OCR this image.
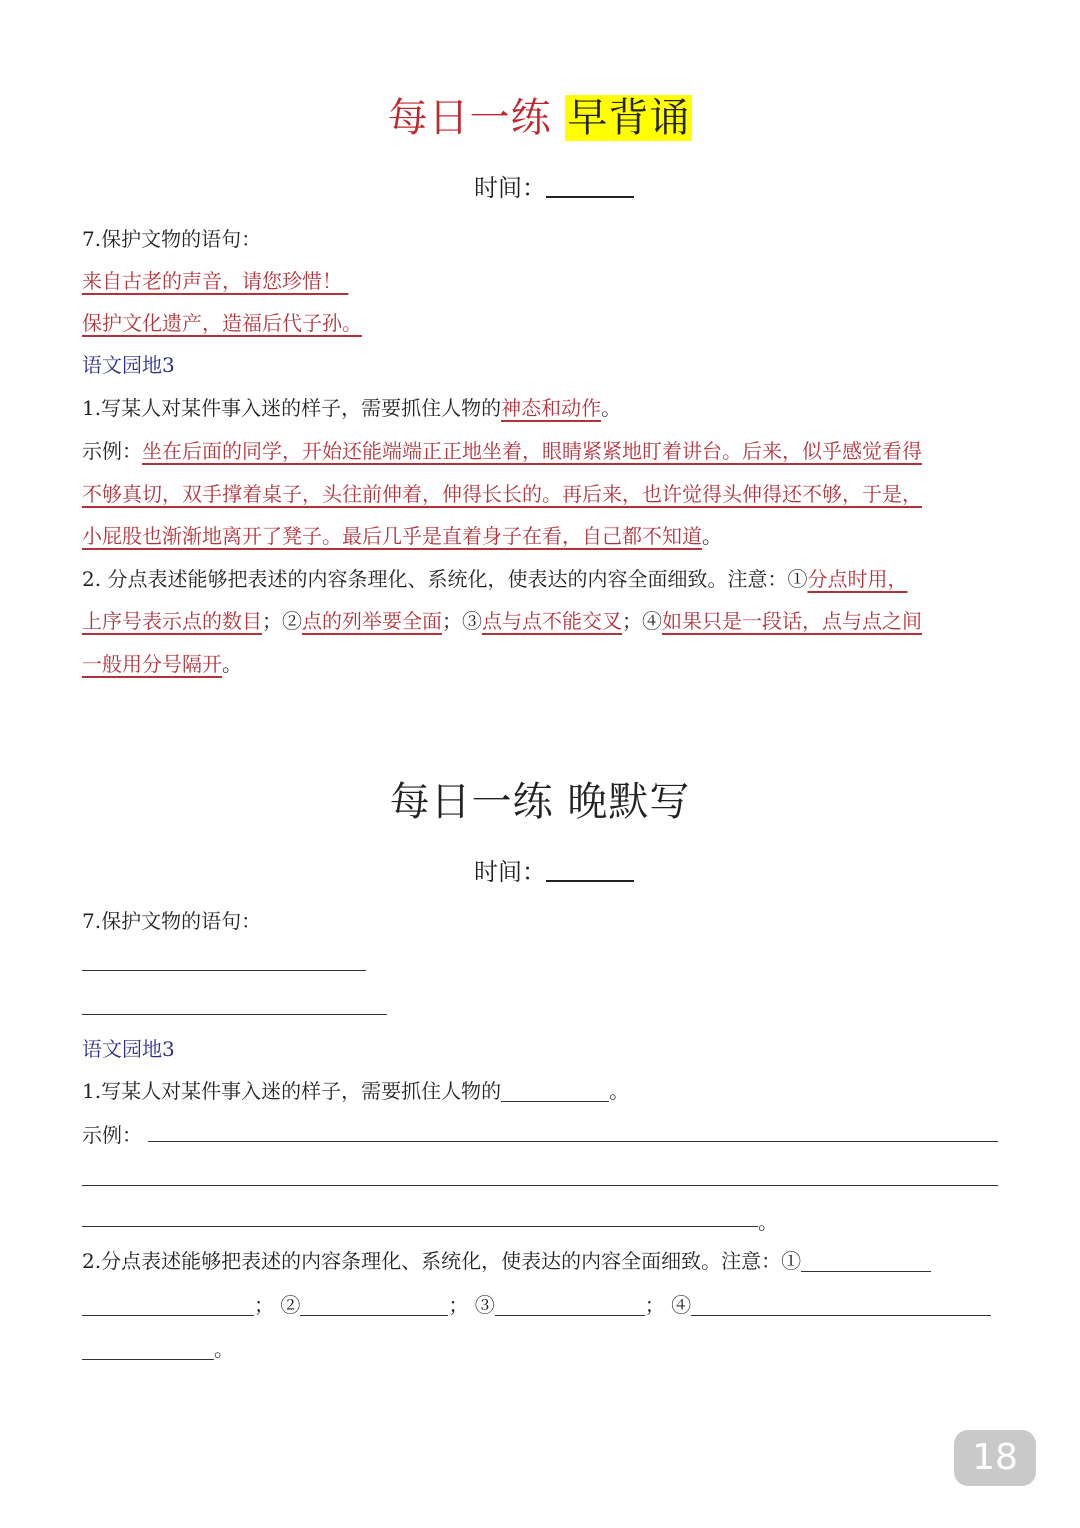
每日一练 早背诵
时间：
7.保护文物的语句：
来自古老的声音，请您珍惜！
保护文化遗产，造福后代子孙。
语文园地3
1.写某人对某件事入迷的样子，需要抓住人物的神态和动作。
示例：坐在后面的同学，开始还能端端正正地坐着，眼睛紧紧地盯着讲台。后来，似乎感觉看得
不够真切，双手撑着桌子，头往前伸着，伸得长长的。再后来，也许觉得头伸得还不够，于是，
小屁股也渐渐地离开了凳子。最后几乎是直着身子在看，自己都不知道。
2. 分点表述能够把表述的内容条理化、系统化，使表达的内容全面细致。注意：①分点时用，
上序号表示点的数目；②点的列举要全面；③点与点不能交叉；④如果只是一段话，点与点之间
一般用分号隔开。
每日一练 晚默写
时间：
7.保护文物的语句：
语文园地3
1.写某人对某件事入迷的样子，需要抓住人物的	。
示例：
。
2.分点表述能够把表述的内容条理化、系统化，使表达的内容全面细致。注意：①
； ②	； ③	； ④
。
18
